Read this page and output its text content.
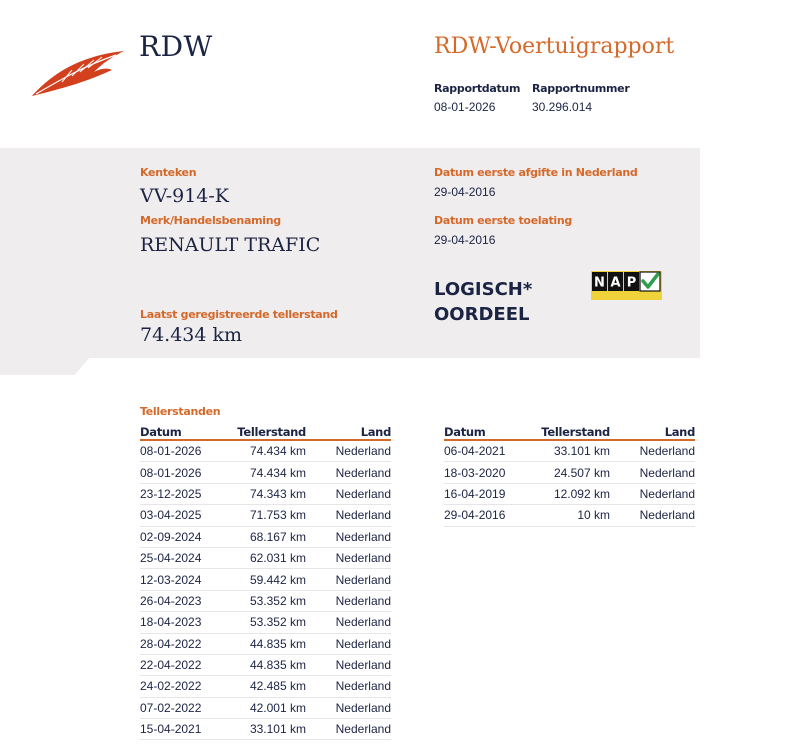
RDW	RDW-Voertuigrapport
Rapportdatum
08-01-2026
Rapportnummer
30.296.014
Kenteken
VV-914-K
Merk/Handelsbenaming
RENAULT TRAFIC
Laatst geregistreerde tellerstand
74.434 km
Datum eerste afgifte in Nederland
29-04-2016
Datum eerste toelating
29-04-2016
LOGISCH*
OORDEEL
N A P
Tellerstanden
Datum	Tellerstand	Land
08-01-2026	74.434 km	Nederland
08-01-2026	74.434 km	Nederland
23-12-2025	74.343 km	Nederland
03-04-2025	71.753 km	Nederland
02-09-2024	68.167 km	Nederland
25-04-2024	62.031 km	Nederland
12-03-2024	59.442 km	Nederland
26-04-2023	53.352 km	Nederland
18-04-2023	53.352 km	Nederland
28-04-2022	44.835 km	Nederland
22-04-2022	44.835 km	Nederland
24-02-2022	42.485 km	Nederland
07-02-2022	42.001 km	Nederland
15-04-2021	33.101 km	Nederland
Datum	Tellerstand	Land
06-04-2021	33.101 km	Nederland
18-03-2020	24.507 km	Nederland
16-04-2019	12.092 km	Nederland
29-04-2016	10 km	Nederland
